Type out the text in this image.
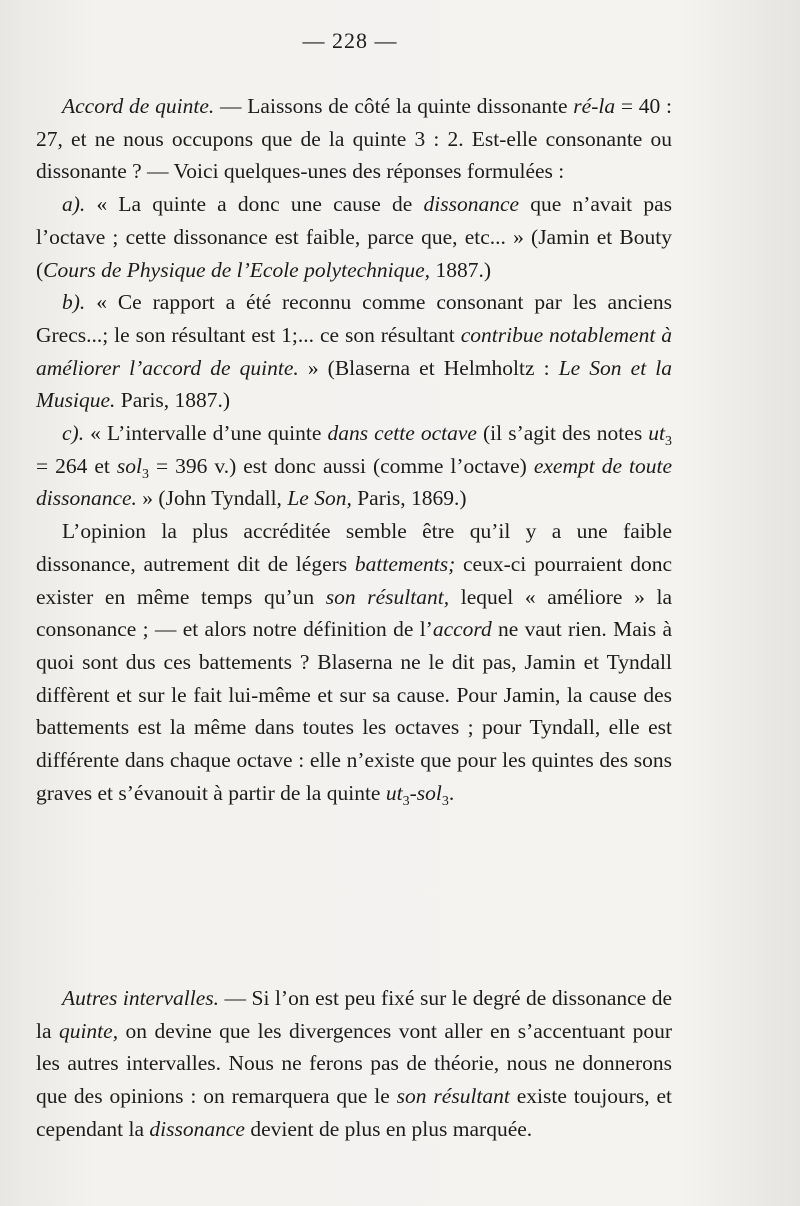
— 228 —

Accord de quinte. — Laissons de côté la quinte dissonante ré-la = 40 : 27, et ne nous occupons que de la quinte 3 : 2. Est-elle consonante ou dissonante ? — Voici quelques-unes des réponses formulées :

a). « La quinte a donc une cause de dissonance que n’avait pas l’octave ; cette dissonance est faible, parce que, etc... » (Jamin et Bouty (Cours de Physique de l’Ecole polytechnique, 1887.)

b). « Ce rapport a été reconnu comme consonant par les anciens Grecs...; le son résultant est 1;... ce son résultant contribue notablement à améliorer l’accord de quinte. » (Blaserna et Helmholtz : Le Son et la Musique. Paris, 1887.)

c). « L’intervalle d’une quinte dans cette octave (il s’agit des notes $ut_3 = 264$ et sol$_3$ = 396 v.) est donc aussi (comme l’octave) exempt de toute dissonance. » (John Tyndall, Le Son, Paris, 1869.)

L’opinion la plus accréditée semble être qu’il y a une faible dissonance, autrement dit de légers battements; ceux-ci pourraient donc exister en même temps qu’un son résultant, lequel « améliore » la consonance ; — et alors notre définition de l’accord ne vaut rien. Mais à quoi sont dus ces battements ? Blaserna ne le dit pas, Jamin et Tyndall diffèrent et sur le fait lui-même et sur sa cause. Pour Jamin, la cause des battements est la même dans toutes les octaves ; pour Tyndall, elle est différente dans chaque octave : elle n’existe que pour les quintes des sons graves et s’évanouit à partir de la quinte $ut_3-sol_3$.

Autres intervalles. — Si l’on est peu fixé sur le degré de dissonance de la quinte, on devine que les divergences vont aller en s’accentuant pour les autres intervalles. Nous ne ferons pas de théorie, nous ne donnerons que des opinions : on remarquera que le son résultant existe toujours, et cependant la dissonance devient de plus en plus marquée.
